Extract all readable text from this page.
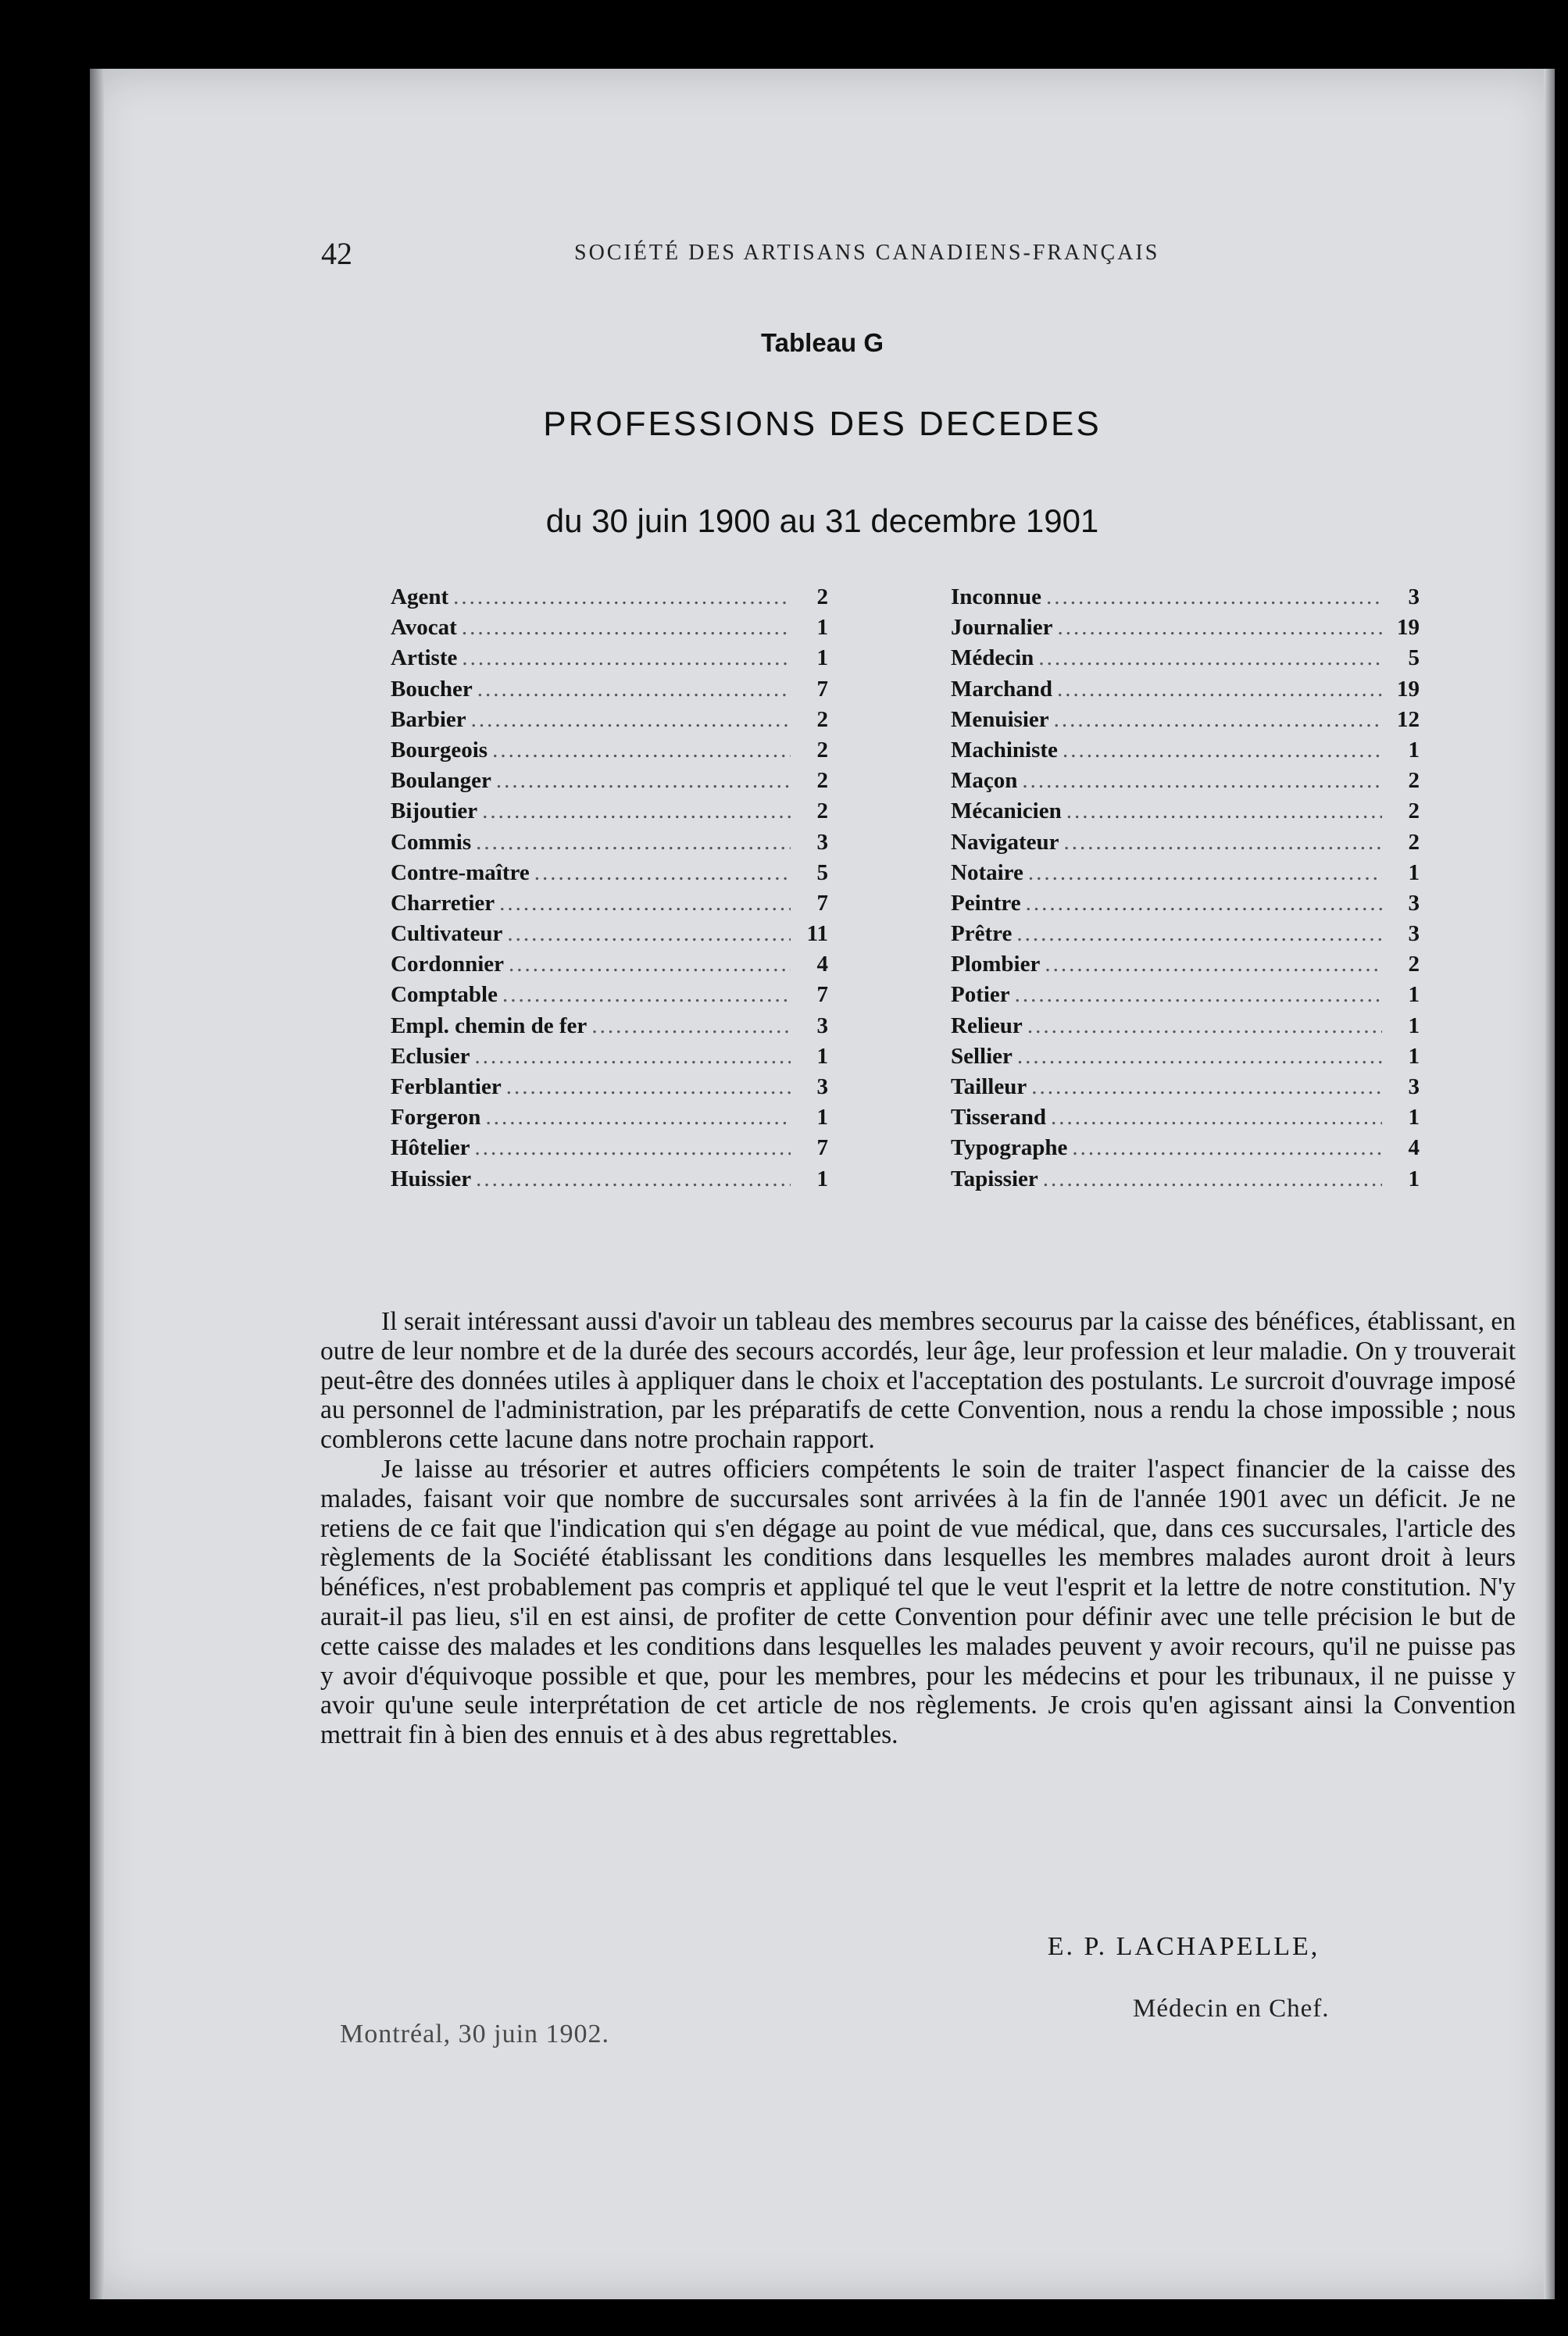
42	SOCIÉTÉ DES ARTISANS CANADIENS-FRANÇAIS
Tableau G
PROFESSIONS DES DECEDES
du 30 juin 1900 au 31 decembre 1901
Agent .....	2
Avocat .....	1
Artiste .....	1
Boucher .....	7
Barbier .....	2
Bourgeois .....	2
Boulanger .....	2
Bijoutier .....	2
Commis .....	3
Contre-maître .....	5
Charretier .....	7
Cultivateur .....	11
Cordonnier .....	4
Comptable .....	7
Empl. chemin de fer .....	3
Eclusier .....	1
Ferblantier .....	3
Forgeron .....	1
Hôtelier .....	7
Huissier .....	1
Inconnue .....	3
Journalier .....	19
Médecin .....	5
Marchand .....	19
Menuisier .....	12
Machiniste .....	1
Maçon .....	2
Mécanicien .....	2
Navigateur .....	2
Notaire .....	1
Peintre .....	3
Prêtre .....	3
Plombier .....	2
Potier .....	1
Relieur .....	1
Sellier .....	1
Tailleur .....	3
Tisserand .....	1
Typographe .....	4
Tapissier .....	1

Il serait intéressant aussi d'avoir un tableau des membres secourus par la caisse des bénéfices, établissant, en outre de leur nombre et de la durée des secours accordés, leur âge, leur profession et leur maladie. On y trouverait peut-être des données utiles à appliquer dans le choix et l'acceptation des postulants. Le surcroit d'ouvrage imposé au personnel de l'administration, par les préparatifs de cette Convention, nous a rendu la chose impossible ; nous comblerons cette lacune dans notre prochain rapport.

Je laisse au trésorier et autres officiers compétents le soin de traiter l'aspect financier de la caisse des malades, faisant voir que nombre de succursales sont arrivées à la fin de l'année 1901 avec un déficit. Je ne retiens de ce fait que l'indication qui s'en dégage au point de vue médical, que, dans ces succursales, l'article des règlements de la Société établissant les conditions dans lesquelles les membres malades auront droit à leurs bénéfices, n'est probablement pas compris et appliqué tel que le veut l'esprit et la lettre de notre constitution. N'y aurait-il pas lieu, s'il en est ainsi, de profiter de cette Convention pour définir avec une telle précision le but de cette caisse des malades et les conditions dans lesquelles les malades peuvent y avoir recours, qu'il ne puisse pas y avoir d'équivoque possible et que, pour les membres, pour les médecins et pour les tribunaux, il ne puisse y avoir qu'une seule interprétation de cet article de nos règlements. Je crois qu'en agissant ainsi la Convention mettrait fin à bien des ennuis et à des abus regrettables.

E. P. LACHAPELLE,
Médecin en Chef.
Montréal, 30 juin 1902.
